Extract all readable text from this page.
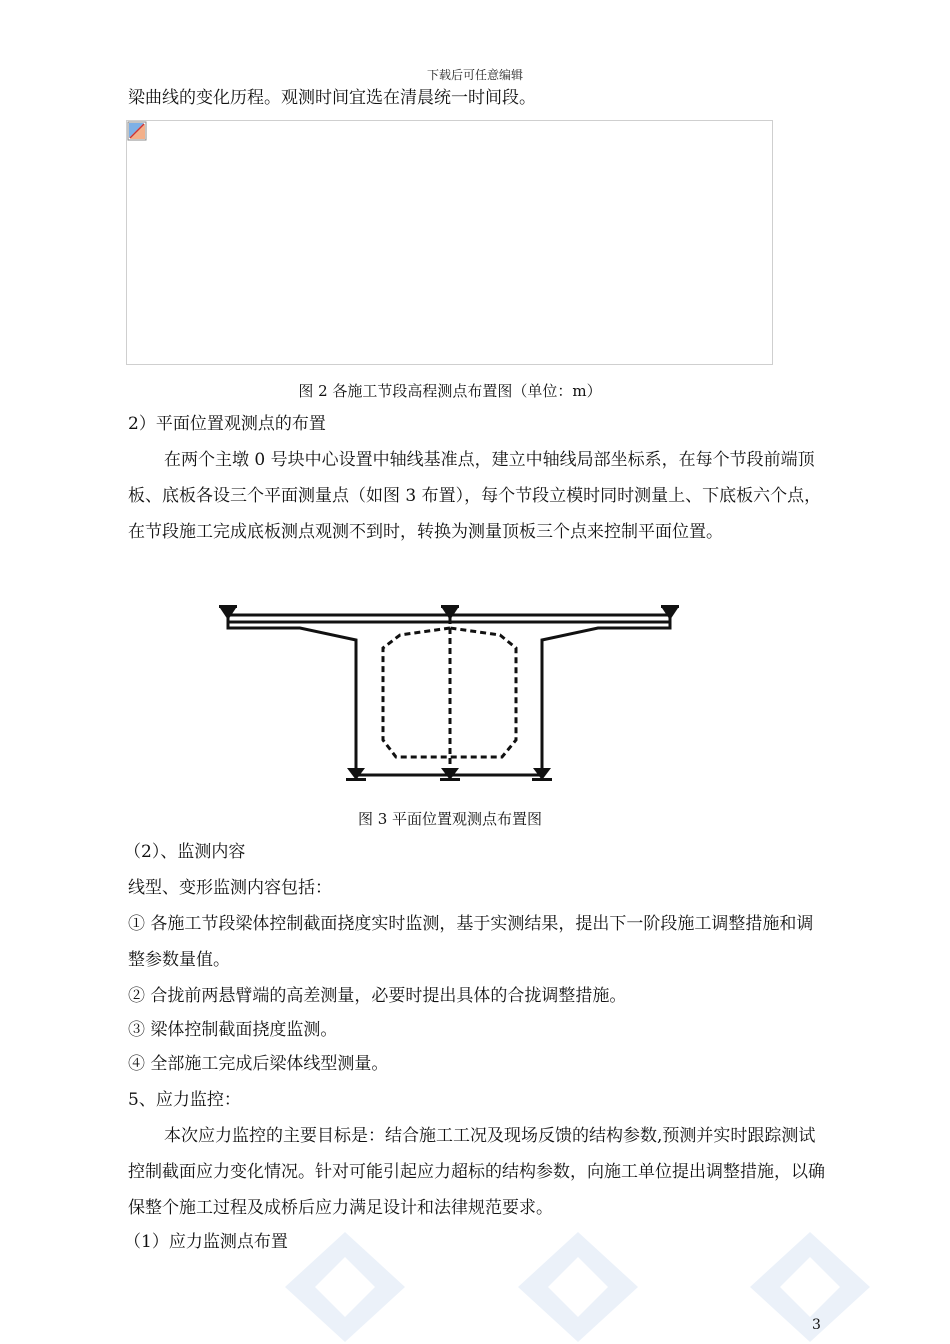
下载后可任意编辑
梁曲线的变化历程。观测时间宜选在清晨统一时间段。
图 2 各施工节段高程测点布置图（单位：m）
2）平面位置观测点的布置
在两个主墩 0 号块中心设置中轴线基准点，建立中轴线局部坐标系，在每个节段前端顶板、底板各设三个平面测量点（如图 3 布置），每个节段立模时同时测量上、下底板六个点，在节段施工完成底板测点观测不到时，转换为测量顶板三个点来控制平面位置。
图 3 平面位置观测点布置图
（2）、监测内容
线型、变形监测内容包括：
① 各施工节段梁体控制截面挠度实时监测，基于实测结果，提出下一阶段施工调整措施和调整参数量值。
② 合拢前两悬臂端的高差测量，必要时提出具体的合拢调整措施。
③ 梁体控制截面挠度监测。
④ 全部施工完成后梁体线型测量。
5、应力监控：
本次应力监控的主要目标是：结合施工工况及现场反馈的结构参数,预测并实时跟踪测试控制截面应力变化情况。针对可能引起应力超标的结构参数，向施工单位提出调整措施，以确保整个施工过程及成桥后应力满足设计和法律规范要求。
（1）应力监测点布置
3
